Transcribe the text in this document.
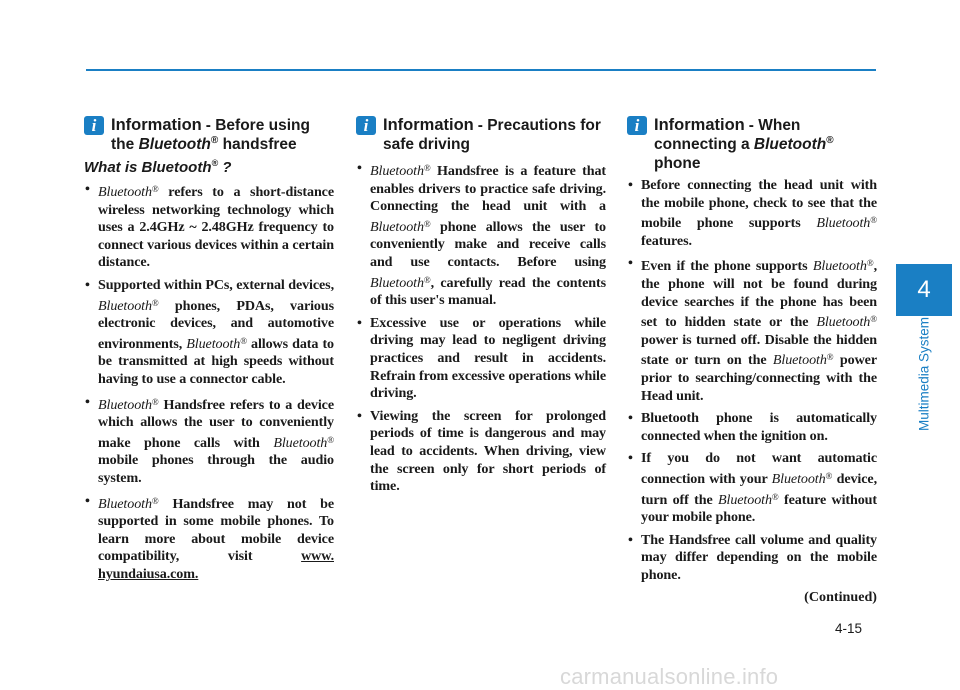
i Information - Before using the Bluetooth® handsfree
What is Bluetooth® ?
• Bluetooth® refers to a short-distance wireless networking technology which uses a 2.4GHz ~ 2.48GHz frequency to connect various devices within a certain distance.
• Supported within PCs, external devices, Bluetooth® phones, PDAs, various electronic devices, and automotive environments, Bluetooth® allows data to be transmitted at high speeds without having to use a connector cable.
• Bluetooth® Handsfree refers to a device which allows the user to conveniently make phone calls with Bluetooth® mobile phones through the audio system.
• Bluetooth® Handsfree may not be supported in some mobile phones. To learn more about mobile device compatibility, visit www. hyundaiusa.com.
i Information - Precautions for safe driving
• Bluetooth® Handsfree is a feature that enables drivers to practice safe driving. Connecting the head unit with a Bluetooth® phone allows the user to conveniently make and receive calls and use contacts. Before using Bluetooth®, carefully read the contents of this user's manual.
• Excessive use or operations while driving may lead to negligent driving practices and result in accidents. Refrain from excessive operations while driving.
• Viewing the screen for prolonged periods of time is dangerous and may lead to accidents. When driving, view the screen only for short periods of time.
i Information - When connecting a Bluetooth® phone
• Before connecting the head unit with the mobile phone, check to see that the mobile phone supports Bluetooth® features.
• Even if the phone supports Bluetooth®, the phone will not be found during device searches if the phone has been set to hidden state or the Bluetooth® power is turned off. Disable the hidden state or turn on the Bluetooth® power prior to searching/connecting with the Head unit.
• Bluetooth phone is automatically connected when the ignition on.
• If you do not want automatic connection with your Bluetooth® device, turn off the Bluetooth® feature without your mobile phone.
• The Handsfree call volume and quality may differ depending on the mobile phone.
(Continued)
4
Multimedia System
4-15
carmanualsonline.info
